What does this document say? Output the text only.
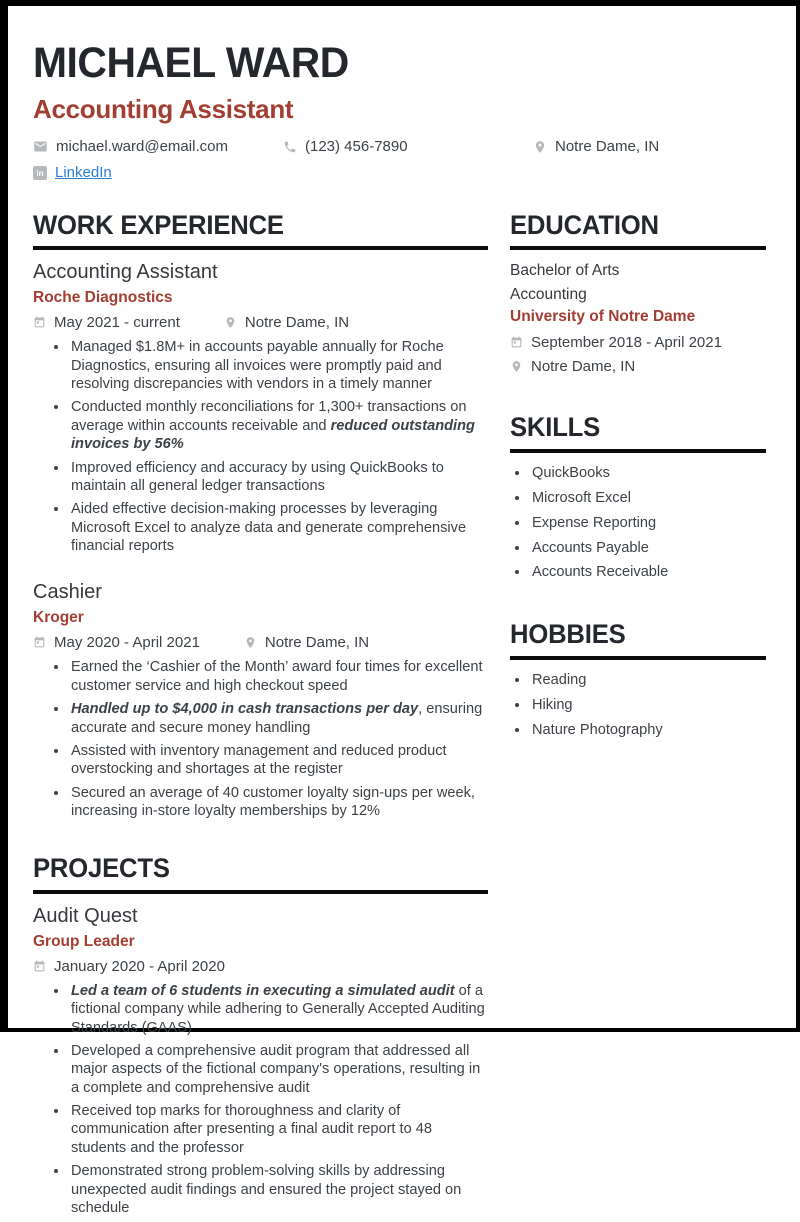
MICHAEL WARD
Accounting Assistant
michael.ward@email.com	(123) 456-7890	Notre Dame, IN
LinkedIn
WORK EXPERIENCE
Accounting Assistant
Roche Diagnostics
May 2021 - current	Notre Dame, IN
• Managed $1.8M+ in accounts payable annually for Roche Diagnostics, ensuring all invoices were promptly paid and resolving discrepancies with vendors in a timely manner
• Conducted monthly reconciliations for 1,300+ transactions on average within accounts receivable and reduced outstanding invoices by 56%
• Improved efficiency and accuracy by using QuickBooks to maintain all general ledger transactions
• Aided effective decision-making processes by leveraging Microsoft Excel to analyze data and generate comprehensive financial reports
Cashier
Kroger
May 2020 - April 2021	Notre Dame, IN
• Earned the ‘Cashier of the Month’ award four times for excellent customer service and high checkout speed
• Handled up to $4,000 in cash transactions per day, ensuring accurate and secure money handling
• Assisted with inventory management and reduced product overstocking and shortages at the register
• Secured an average of 40 customer loyalty sign-ups per week, increasing in-store loyalty memberships by 12%
PROJECTS
Audit Quest
Group Leader
January 2020 - April 2020
• Led a team of 6 students in executing a simulated audit of a fictional company while adhering to Generally Accepted Auditing Standards (GAAS)
• Developed a comprehensive audit program that addressed all major aspects of the fictional company's operations, resulting in a complete and comprehensive audit
• Received top marks for thoroughness and clarity of communication after presenting a final audit report to 48 students and the professor
• Demonstrated strong problem-solving skills by addressing unexpected audit findings and ensured the project stayed on schedule
EDUCATION
Bachelor of Arts
Accounting
University of Notre Dame
September 2018 - April 2021
Notre Dame, IN
SKILLS
• QuickBooks
• Microsoft Excel
• Expense Reporting
• Accounts Payable
• Accounts Receivable
HOBBIES
• Reading
• Hiking
• Nature Photography
